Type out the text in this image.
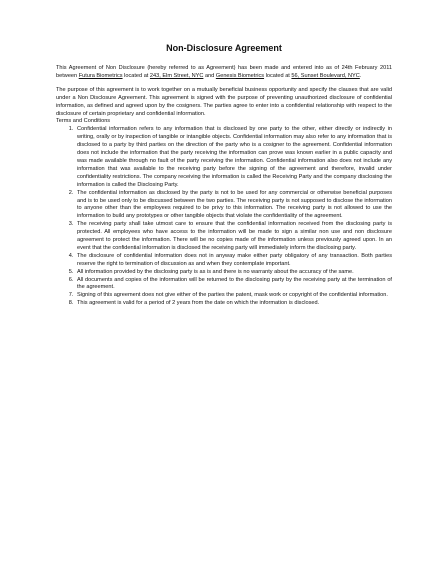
Non-Disclosure Agreement

This Agreement of Non Disclosure (hereby referred to as Agreement) has been made and entered into as of 24th February 2011 between Futura Biometrics located at 243, Elm Street, NYC and Genesis Biometrics located at 56, Sunset Boulevard, NYC.

The purpose of this agreement is to work together on a mutually beneficial business opportunity and specify the clauses that are valid under a Non Disclosure Agreement. This agreement is signed with the purpose of preventing unauthorized disclosure of confidential information, as defined and agreed upon by the cosigners. The parties agree to enter into a confidential relationship with respect to the disclosure of certain proprietary and confidential information.

Terms and Conditions

1. Confidential information refers to any information that is disclosed by one party to the other, either directly or indirectly in writing, orally or by inspection of tangible or intangible objects. Confidential information may also refer to any information that is disclosed to a party by third parties on the direction of the party who is a cosigner to the agreement. Confidential information does not include the information that the party receiving the information can prove was known earlier in a public capacity and was made available through no fault of the party receiving the information. Confidential information also does not include any information that was available to the receiving party before the signing of the agreement and therefore, invalid under confidentiality restrictions. The company receiving the information is called the Receiving Party and the company disclosing the information is called the Disclosing Party.
2. The confidential information as disclosed by the party is not to be used for any commercial or otherwise beneficial purposes and is to be used only to be discussed between the two parties. The receiving party is not supposed to disclose the information to anyone other than the employees required to be privy to this information. The receiving party is not allowed to use the information to build any prototypes or other tangible objects that violate the confidentiality of the agreement.
3. The receiving party shall take utmost care to ensure that the confidential information received from the disclosing party is protected. All employees who have access to the information will be made to sign a similar non use and non disclosure agreement to protect the information. There will be no copies made of the information unless previously agreed upon. In an event that the confidential information is disclosed the receiving party will immediately inform the disclosing party.
4. The disclosure of confidential information does not in anyway make either party obligatory of any transaction. Both parties reserve the right to termination of discussion as and when they contemplate important.
5. All information provided by the disclosing party is as is and there is no warranty about the accuracy of the same.
6. All documents and copies of the information will be returned to the disclosing party by the receiving party at the termination of the agreement.
7. Signing of this agreement does not give either of the parties the patent, mask work or copyright of the confidential information.
8. This agreement is valid for a period of 2 years from the date on which the information is disclosed.
